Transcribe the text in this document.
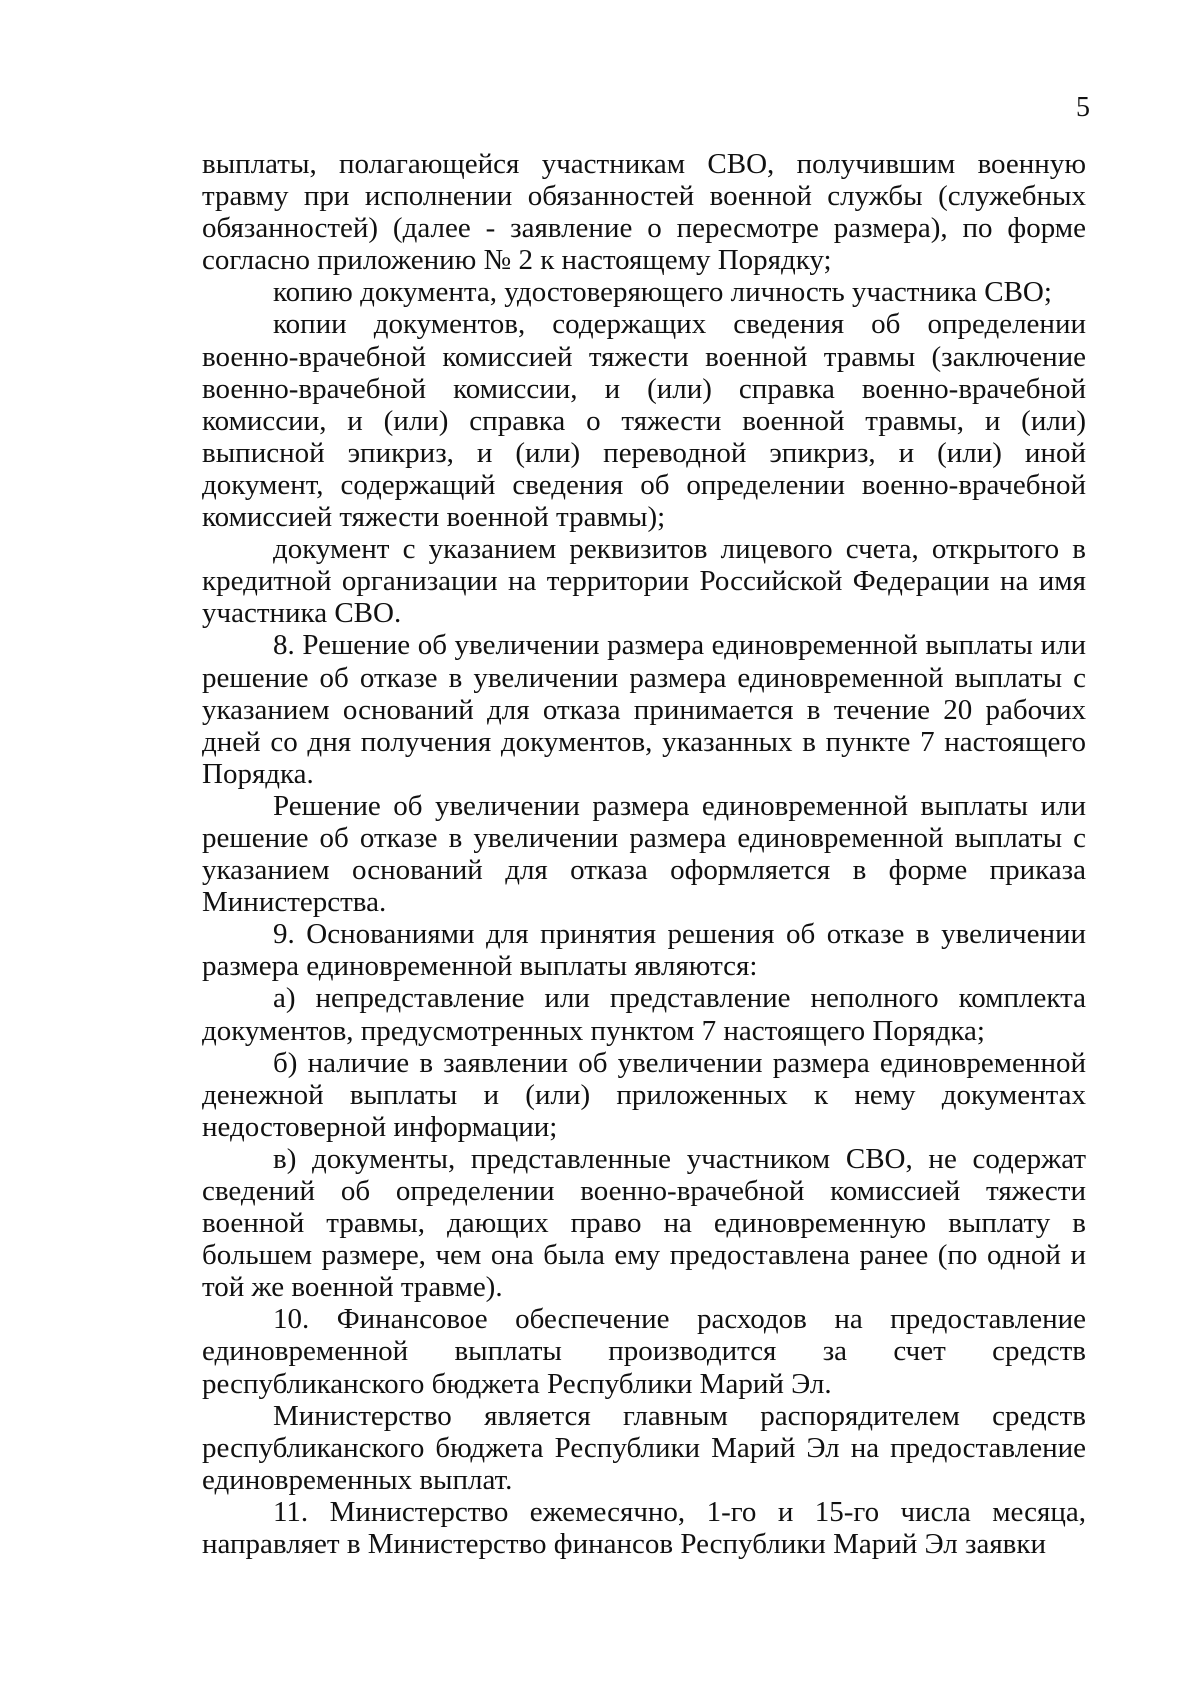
5

выплаты, полагающейся участникам СВО, получившим военную травму при исполнении обязанностей военной службы (служебных обязанностей) (далее - заявление о пересмотре размера), по форме согласно приложению № 2 к настоящему Порядку;

копию документа, удостоверяющего личность участника СВО;

копии документов, содержащих сведения об определении военно-врачебной комиссией тяжести военной травмы (заключение военно-врачебной комиссии, и (или) справка военно-врачебной комиссии, и (или) справка о тяжести военной травмы, и (или) выписной эпикриз, и (или) переводной эпикриз, и (или) иной документ, содержащий сведения об определении военно-врачебной комиссией тяжести военной травмы);

документ с указанием реквизитов лицевого счета, открытого в кредитной организации на территории Российской Федерации на имя участника СВО.

8. Решение об увеличении размера единовременной выплаты или решение об отказе в увеличении размера единовременной выплаты с указанием оснований для отказа принимается в течение 20 рабочих дней со дня получения документов, указанных в пункте 7 настоящего Порядка.

Решение об увеличении размера единовременной выплаты или решение об отказе в увеличении размера единовременной выплаты с указанием оснований для отказа оформляется в форме приказа Министерства.

9. Основаниями для принятия решения об отказе в увеличении размера единовременной выплаты являются:

а) непредставление или представление неполного комплекта документов, предусмотренных пунктом 7 настоящего Порядка;

б) наличие в заявлении об увеличении размера единовременной денежной выплаты и (или) приложенных к нему документах недостоверной информации;

в) документы, представленные участником СВО, не содержат сведений об определении военно-врачебной комиссией тяжести военной травмы, дающих право на единовременную выплату в большем размере, чем она была ему предоставлена ранее (по одной и той же военной травме).

10. Финансовое обеспечение расходов на предоставление единовременной выплаты производится за счет средств республиканского бюджета Республики Марий Эл.

Министерство является главным распорядителем средств республиканского бюджета Республики Марий Эл на предоставление единовременных выплат.

11. Министерство ежемесячно, 1-го и 15-го числа месяца, направляет в Министерство финансов Республики Марий Эл заявки
